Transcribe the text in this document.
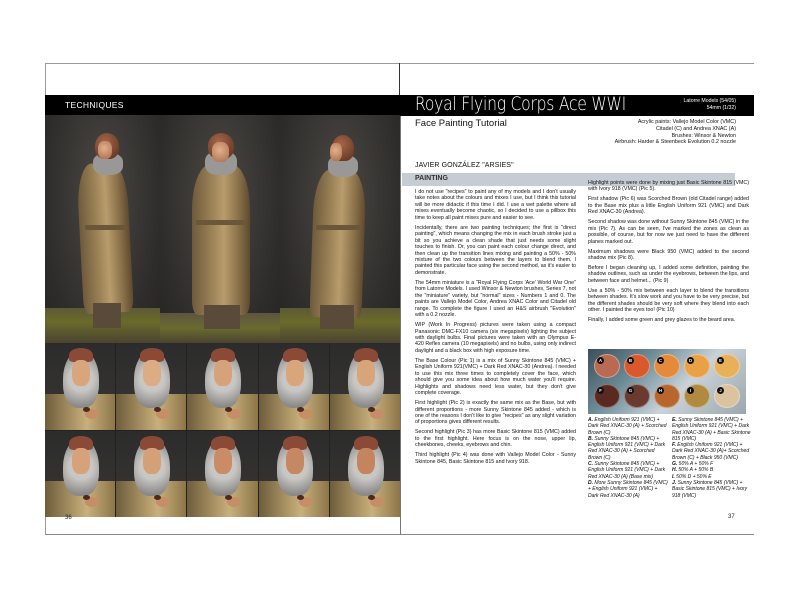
TECHNIQUES
36
Royal Flying Corps Ace WWI	Latorre Models (54/05)
54mm (1/32)
Face Painting Tutorial	Acrylic paints: Vallejo Model Color (VMC)
Citadel (C) and Andrea XNAC (A)
Brushes: Winsor & Newton
Airbrush: Harder & Steenbeck Evolution 0.2 nozzle
JAVIER GONZÁLEZ "ARSIES"
PAINTING

I do not use "recipes" to paint any of my models and I don't usually take notes about the colours and mixes I use, but I think this tutorial will be more didactic if this time I did. I use a wet palette where all mixes eventually become chaotic, so I decided to use a pillbox this time to keep all paint mixes pure and easier to see.

Incidentally, there are two painting techniques; the first is "direct painting", which means changing the mix in each brush stroke just a bit so you achieve a clean shade that just needs some slight touches to finish. Or, you can paint each colour change direct, and then clean up the transition lines mixing and painting a 50% - 50% mixture of the two colours between the layers to blend them. I painted this particular face using the second method, as it's easier to demonstrate.

The 54mm miniature is a "Royal Flying Corps 'Ace' World War One" from Latorre Models. I used Winsor & Newton brushes, Series 7, not the "miniature" variety, but "normal" sizes - Numbers 1 and 0. The paints are Vallejo Model Color, Andrea XNAC Color and Citadel old range. To complete the figure I used an H&S airbrush "Evolution" with a 0.2 nozzle.

WIP (Work In Progress) pictures were taken using a compact Panasonic DMC-FX10 camera (six megapixels) lighting the subject with daylight bulbs. Final pictures were taken with an Olympus E-420 Reflex camera (10 megapixels) and no bulbs, using only indirect daylight and a black box with high exposure time.

The Base Colour (Pic 1) is a mix of Sunny Skintone 845 (VMC) + English Uniform 921(VMC) + Dark Red XNAC-30 (Andrea). I needed to use this mix three times to completely cover the face, which should give you some idea about how much water you'll require. Highlights and shadows need less water, but they don't give complete coverage.

First highlight (Pic 2) is exactly the same mix as the Base, but with different proportions - more Sunny Skintone 845 added - which is one of the reasons I don't like to give "recipes" as any slight variation of proportions gives different results.

Second highlight (Pic 3) has more Basic Skintone 815 (VMC) added to the first highlight. Here focus is on the nose, upper lip, cheekbones, cheeks, eyebrows and chin.

Third highlight (Pic 4) was done with Vallejo Model Color - Sunny Skintone 845, Basic Skintone 815 and Ivory 918.

Highlight points were done by mixing just Basic Skintone 815 (VMC) with Ivory 918 (VMC) (Pic 5).

First shadow (Pic 6) was Scorched Brown (old Citadel range) added to the Base mix plus a little English Uniform 921 (VMC) and Dark Red XNAC-30 (Andrea).

Second shadow was done without Sunny Skintone 845 (VMC) in the mix (Pic 7). As can be seen, I've marked the zones as clean as possible, of course, but for now we just need to have the different planes marked out.

Maximum shadows were Black 950 (VMC) added to the second shadow mix (Pic 8).

Before I began cleaning up, I added some definition, painting the shadow outlines, such as under the eyebrows, between the lips, and between face and helmet... (Pic 9)

Use a 50% - 50% mix between each layer to blend the transitions between shades. It's slow work and you have to be very precise, but the different shades should be very soft where they blend into each other. I painted the eyes too! (Pic 10)

Finally, I added some green and grey glazes to the beard area.

A	B	C	D	E
F	G	H	I	J
A. English Uniform 921 (VMC) + Dark Red XNAC-30 (A) + Scorched Brown (C)
B. Sunny Skintone 845 (VMC) + English Uniform 921 (VMC) + Dark Red XNAC-30 (A) + Scorched Brown (C)
C. Sunny Skintone 845 (VMC) + English Uniform 921 (VMC) + Dark Red XNAC-30 (A) (Base mix)
D. More Sunny Skintone 845 (VMC) + English Uniform 921 (VMC) + Dark Red XNAC-30 (A)
E. Sunny Skintone 845 (VMC) + English Uniform 921 (VMC) + Dark Red XNAC-30 (A) + Basic Skintone 815 (VMC)
F. English Uniform 921 (VMC) + Dark Red XNAC-30 (A)+ Scorched Brown (C) + Black 950 (VMC)
G. 50% A + 50% F
H. 50% A + 50% B
I. 50% D + 50% E
J. Sunny Skintone 845 (VMC) + Basic Skintone 815 (VMC) + Ivory 918 (VMC)
37
